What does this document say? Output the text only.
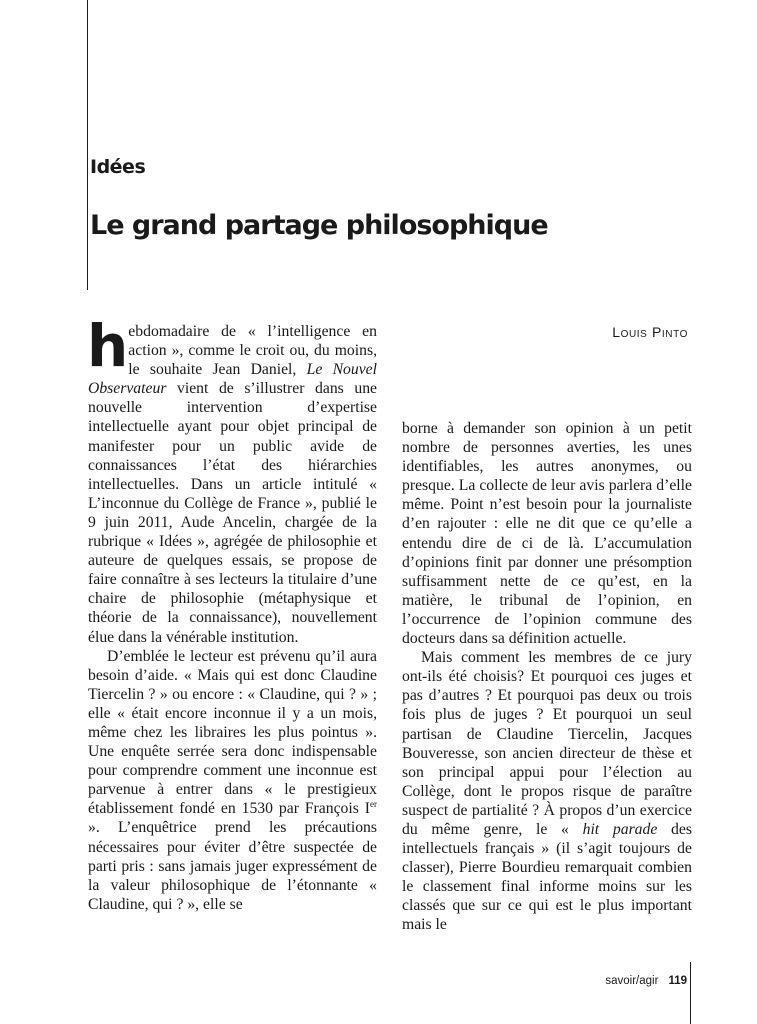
Idées
Le grand partage philosophique
Louis Pinto

hebdomadaire de « l’intelligence en action », comme le croit ou, du moins, le souhaite Jean Daniel, Le Nouvel Observateur vient de s’illustrer dans une nouvelle intervention d’expertise intellectuelle ayant pour objet principal de manifester pour un public avide de connaissances l’état des hiérarchies intellectuelles. Dans un article intitulé « L’inconnue du Collège de France », publié le 9 juin 2011, Aude Ancelin, chargée de la rubrique « Idées », agrégée de philosophie et auteure de quelques essais, se propose de faire connaître à ses lecteurs la titulaire d’une chaire de philosophie (métaphysique et théorie de la connaissance), nouvellement élue dans la vénérable institution.

D’emblée le lecteur est prévenu qu’il aura besoin d’aide. « Mais qui est donc Claudine Tiercelin ? » ou encore : « Claudine, qui ? » ; elle « était encore inconnue il y a un mois, même chez les libraires les plus pointus ». Une enquête serrée sera donc indispensable pour comprendre comment une inconnue est parvenue à entrer dans « le prestigieux établissement fondé en 1530 par François Ier ». L’enquêtrice prend les précautions nécessaires pour éviter d’être suspectée de parti pris : sans jamais juger expressément de la valeur philosophique de l’étonnante « Claudine, qui ? », elle se

borne à demander son opinion à un petit nombre de personnes averties, les unes identifiables, les autres anonymes, ou presque. La collecte de leur avis parlera d’elle même. Point n’est besoin pour la journaliste d’en rajouter : elle ne dit que ce qu’elle a entendu dire de ci de là. L’accumulation d’opinions finit par donner une présomption suffisamment nette de ce qu’est, en la matière, le tribunal de l’opinion, en l’occurrence de l’opinion commune des docteurs dans sa définition actuelle.

Mais comment les membres de ce jury ont-ils été choisis? Et pourquoi ces juges et pas d’autres ? Et pourquoi pas deux ou trois fois plus de juges ? Et pourquoi un seul partisan de Claudine Tiercelin, Jacques Bouveresse, son ancien directeur de thèse et son principal appui pour l’élection au Collège, dont le propos risque de paraître suspect de partialité ? À propos d’un exercice du même genre, le « hit parade des intellectuels français » (il s’agit toujours de classer), Pierre Bourdieu remarquait combien le classement final informe moins sur les classés que sur ce qui est le plus important mais le

savoir/agir 119
